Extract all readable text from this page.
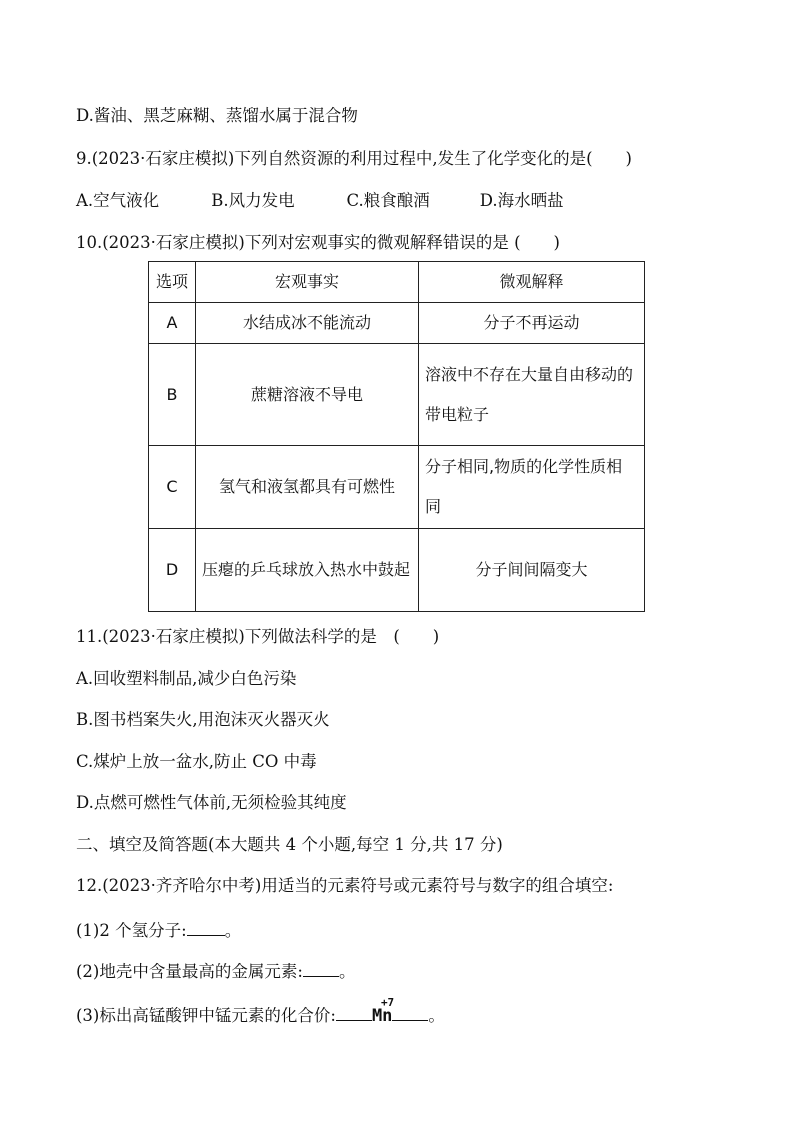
D.酱油、黑芝麻糊、蒸馏水属于混合物
9.(2023·石家庄模拟)下列自然资源的利用过程中,发生了化学变化的是(　　)
A.空气液化	B.风力发电	C.粮食酿酒	D.海水晒盐
10.(2023·石家庄模拟)下列对宏观事实的微观解释错误的是 (　　)
选项	宏观事实	微观解释
A	水结成冰不能流动	分子不再运动
B	蔗糖溶液不导电	溶液中不存在大量自由移动的带电粒子
C	氢气和液氢都具有可燃性	分子相同,物质的化学性质相同
D	压瘪的乒乓球放入热水中鼓起	分子间间隔变大
11.(2023·石家庄模拟)下列做法科学的是　(　　)
A.回收塑料制品,减少白色污染
B.图书档案失火,用泡沫灭火器灭火
C.煤炉上放一盆水,防止 CO 中毒
D.点燃可燃性气体前,无须检验其纯度
二、填空及简答题(本大题共 4 个小题,每空 1 分,共 17 分)
12.(2023·齐齐哈尔中考)用适当的元素符号或元素符号与数字的组合填空:
(1)2 个氢分子: 。
(2)地壳中含量最高的金属元素: 。
(3)标出高锰酸钾中锰元素的化合价:
+7
Mn 。
